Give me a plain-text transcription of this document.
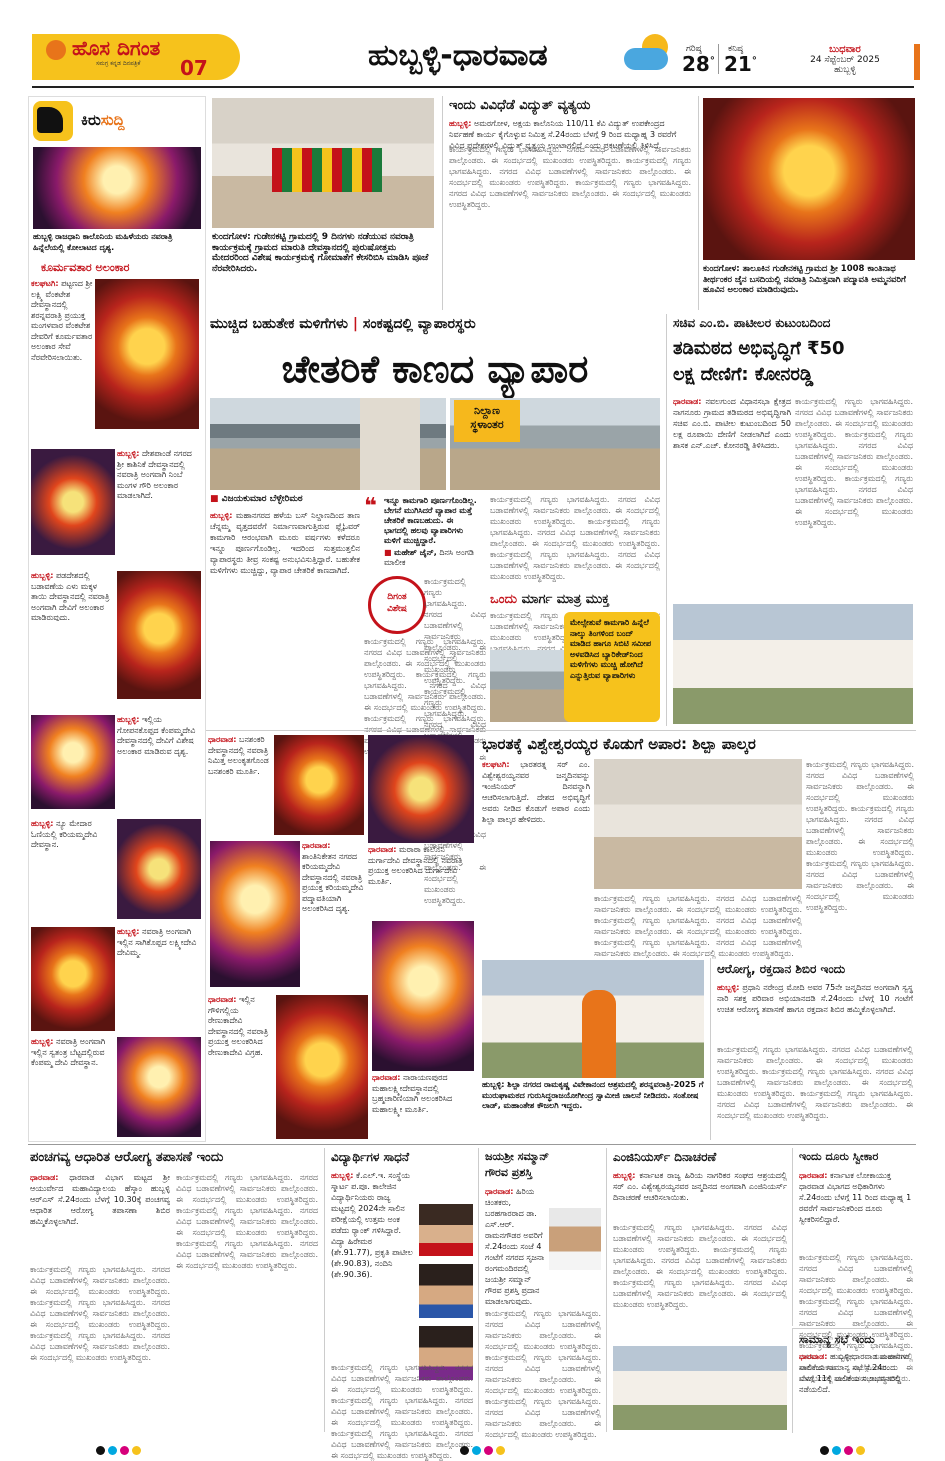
ಹೊಸ ದಿಗಂತ
ಸಮಗ್ರ ಕನ್ನಡ ದಿನಪತ್ರಿಕೆ 07	ಹುಬ್ಬಳ್ಳಿ-ಧಾರವಾಡ	ಗರಿಷ್ಠ
28°
ಕನಿಷ್ಠ
21°
ಬುಧವಾರ
24 ಸೆಪ್ಟೆಂಬರ್ 2025
ಹುಬ್ಬಳ್ಳಿ
ಕಿರುಸುದ್ದಿ
ಹುಬ್ಬಳ್ಳಿ ರಾಜಧಾನಿ ಕಾಲೊನಿಯ ಮಹಿಳೆಯರು ನವರಾತ್ರಿ ಹಿನ್ನೆಲೆಯಲ್ಲಿ ಕೋಲಾಟದ ದೃಶ್ಯ.
ಕೂರ್ಮವತಾರ ಅಲಂಕಾರ
ಕಲಘಟಗಿ: ಪಟ್ಟಣದ ಶ್ರೀ ಲಕ್ಷ್ಮಿ ವೆಂಕಟೇಶ ದೇವಸ್ಥಾನದಲ್ಲಿ ಶರನ್ನವರಾತ್ರಿ ಪ್ರಯುಕ್ತ ಮಂಗಳವಾರ ವೆಂಕಟೇಶ ದೇವರಿಗೆ ಕೂರ್ಮವತಾರ ಅಲಂಕಾರ ಸೇವೆ ನೆರವೇರಿಸಲಾಯಿತು.
ಹುಬ್ಬಳ್ಳಿ: ದೇಶಪಾಂಡೆ ನಗರದ ಶ್ರೀ ಕಾಶಿನಿಕೆ ದೇವಸ್ಥಾನದಲ್ಲಿ ನವರಾತ್ರಿ ಅಂಗವಾಗಿ ನಿಂಬೆ ಮಂಗಳ ಗೌರಿ ಅಲಂಕಾರ ಮಾಡಲಾಗಿದೆ.
ಹುಬ್ಬಳ್ಳಿ: ಪಡದೇಶದಲ್ಲಿ ಬಡಾವಣೆಯ ಎಳು ಮಕ್ಕಳ ತಾಯಿ ದೇವಸ್ಥಾನದಲ್ಲಿ ನವರಾತ್ರಿ ಅಂಗವಾಗಿ ದೇವಿಗೆ ಅಲಂಕಾರ ಮಾಡಿರುವುದು.
ಹುಬ್ಬಳ್ಳಿ: ಇಲ್ಲಿಯ ಗೋಪನಕೊಪ್ಪದ ಕೆಂಪಮ್ಮದೇವಿ ದೇವಸ್ಥಾನದಲ್ಲಿ ದೇವಿಗೆ ವಿಶೇಷ ಅಲಂಕಾರ ಮಾಡಿರುವ ದೃಶ್ಯ.
ಹುಬ್ಬಳ್ಳಿ: ನ್ಯೂ ಮೇದಾರ ಓಣಿಯಲ್ಲಿ ಕರಿಯಮ್ಮದೇವಿ ದೇವಸ್ಥಾನ.
ಹುಬ್ಬಳ್ಳಿ: ನವರಾತ್ರಿ ಅಂಗವಾಗಿ ಇಲ್ಲಿನ ಸಾಗಿಕೊಪ್ಪದ ಲಕ್ಷ್ಮೀದೇವಿ ದೇವಿಮ್ಮ.
ಹುಬ್ಬಳ್ಳಿ: ನವರಾತ್ರಿ ಅಂಗವಾಗಿ ಇಲ್ಲಿನ ಸ್ವತಂತ್ರ ಬೆಟ್ಟದಲ್ಲಿರುವ ಕೆಂಪಮ್ಮ ದೇವಿ ದೇವಸ್ಥಾನ.
ಕುಂದಗೋಳ: ಗುಡೇನಕಟ್ಟಿ ಗ್ರಾಮದಲ್ಲಿ 9 ದಿನಗಳು ನಡೆಯುವ ನವರಾತ್ರಿ ಕಾರ್ಯಕ್ರಮಕ್ಕೆ ಗ್ರಾಮದ ಮಾರುತಿ ದೇವಸ್ಥಾನದಲ್ಲಿ ಪುರುಷೋತ್ತಮ ಮೇದರರಿಂದ ವಿಶೇಷ ಕಾರ್ಯಕ್ರಮಕ್ಕೆ ಗೋಮಾತೆಗೆ ಕೇಸರಿಬಿಸಿ ಮಾಡಿಸಿ ಪೂಜೆ ನೆರವೇರಿಸಿದರು.
ಇಂದು ವಿವಿಧೆಡೆ ವಿದ್ಯುತ್ ವ್ಯತ್ಯಯ
ಹುಬ್ಬಳ್ಳಿ: ಅಮರಗೋಳ, ಅಕ್ಷಯ ಕಾಲೊನಿಯ 110/11 ಕೆವಿ ವಿದ್ಯುತ್ ಉಪಕೇಂದ್ರದ ನಿರ್ವಹಣೆ ಕಾರ್ಯ ಕೈಗೊಳ್ಳುವ ನಿಮಿತ್ತ ಸೆ.24ರಂದು ಬೆಳಗ್ಗೆ 9 ರಿಂದ ಮಧ್ಯಾಹ್ನ 3 ರವರೆಗೆ ವಿವಿಧ ಪ್ರದೇಶಗಳಲ್ಲಿ ವಿದ್ಯುತ್ ವ್ಯತ್ಯಯ ಉಂಟಾಗಲಿದೆ ಎಂದು ಪ್ರಕಟಣೆಯಲ್ಲಿ ತಿಳಿಸಿದೆ.
ಕಾರ್ಯಕ್ರಮದಲ್ಲಿ ಗಣ್ಯರು ಭಾಗವಹಿಸಿದ್ದರು. ನಗರದ ವಿವಿಧ ಬಡಾವಣೆಗಳಲ್ಲಿ ಸಾರ್ವಜನಿಕರು ಪಾಲ್ಗೊಂಡರು. ಈ ಸಂದರ್ಭದಲ್ಲಿ ಮುಖಂಡರು ಉಪಸ್ಥಿತರಿದ್ದರು. ಕಾರ್ಯಕ್ರಮದಲ್ಲಿ ಗಣ್ಯರು ಭಾಗವಹಿಸಿದ್ದರು. ನಗರದ ವಿವಿಧ ಬಡಾವಣೆಗಳಲ್ಲಿ ಸಾರ್ವಜನಿಕರು ಪಾಲ್ಗೊಂಡರು. ಈ ಸಂದರ್ಭದಲ್ಲಿ ಮುಖಂಡರು ಉಪಸ್ಥಿತರಿದ್ದರು. ಕಾರ್ಯಕ್ರಮದಲ್ಲಿ ಗಣ್ಯರು ಭಾಗವಹಿಸಿದ್ದರು. ನಗರದ ವಿವಿಧ ಬಡಾವಣೆಗಳಲ್ಲಿ ಸಾರ್ವಜನಿಕರು ಪಾಲ್ಗೊಂಡರು. ಈ ಸಂದರ್ಭದಲ್ಲಿ ಮುಖಂಡರು ಉಪಸ್ಥಿತರಿದ್ದರು.
ಕುಂದಗೋಳ: ತಾಲೂಕಿನ ಗುಡೇನಕಟ್ಟಿ ಗ್ರಾಮದ ಶ್ರೀ 1008 ಕಾಂತಿನಾಥ ತೀರ್ಥಂಕರ ಜೈನ ಬಸದಿಯಲ್ಲಿ ನವರಾತ್ರಿ ನಿಮಿತ್ತವಾಗಿ ಪದ್ಮಾವತಿ ಅಮ್ಮನವರಿಗೆ ಹೂವಿನ ಅಲಂಕಾರ ಮಾಡಿರುವುದು.
ಮುಚ್ಚಿದ ಬಹುತೇಕ ಮಳಿಗೆಗಳು | ಸಂಕಷ್ಟದಲ್ಲಿ ವ್ಯಾಪಾರಸ್ಥರು
ಚೇತರಿಕೆ ಕಾಣದ ವ್ಯಾಪಾರ
ನಿಲ್ದಾಣ
ಸ್ಥಳಾಂತರ
■ ವಿಜಯಕುಮಾರ ಬೆಳ್ಳೇರಿಮಠ
ಹುಬ್ಬಳ್ಳಿ: ಮಹಾನಗರದ ಹಳೆಯ ಬಸ್ ನಿಲ್ದಾಣದಿಂದ ತಾಣ ಚೆನ್ನಮ್ಮ ವೃತ್ತದವರೆಗೆ ನಿರ್ಮಾಣವಾಗುತ್ತಿರುವ ಫ್ಲೈಓವರ್ ಕಾಮಗಾರಿ ಆರಂಭವಾಗಿ ಮೂರು ವರ್ಷಗಳು ಕಳೆದರೂ ಇನ್ನೂ ಪೂರ್ಣಗೊಂಡಿಲ್ಲ. ಇದರಿಂದ ಸುತ್ತಮುತ್ತಲಿನ ವ್ಯಾಪಾರಸ್ಥರು ತೀವ್ರ ಸಂಕಷ್ಟ ಅನುಭವಿಸುತ್ತಿದ್ದಾರೆ. ಬಹುತೇಕ ಮಳಿಗೆಗಳು ಮುಚ್ಚಿದ್ದು, ವ್ಯಾಪಾರ ಚೇತರಿಕೆ ಕಾಣದಾಗಿದೆ.
❝ ಇನ್ನೂ ಕಾಮಗಾರಿ ಪೂರ್ಣಗೊಂಡಿಲ್ಲ. ಬೇಗನೆ ಮುಗಿಸಿದರೆ ವ್ಯಾಪಾರ ಮತ್ತೆ ಚೇತರಿಕೆ ಕಾಣಬಹುದು. ಈ ಭಾಗದಲ್ಲಿ ಹಲವು ವ್ಯಾಪಾರಿಗಳು ಮಳಿಗೆ ಮುಚ್ಚಿದ್ದಾರೆ.
■ ಮಹೇಶ್ ಜೈನ್, ದಿನಸಿ ಅಂಗಡಿ ಮಾಲೀಕ
ದಿಗಂತ
ವಿಶೇಷ
ಕಾರ್ಯಕ್ರಮದಲ್ಲಿ ಗಣ್ಯರು ಭಾಗವಹಿಸಿದ್ದರು. ನಗರದ ವಿವಿಧ ಬಡಾವಣೆಗಳಲ್ಲಿ ಸಾರ್ವಜನಿಕರು ಪಾಲ್ಗೊಂಡರು. ಈ ಸಂದರ್ಭದಲ್ಲಿ ಮುಖಂಡರು ಉಪಸ್ಥಿತರಿದ್ದರು. ಕಾರ್ಯಕ್ರಮದಲ್ಲಿ ಗಣ್ಯರು ಭಾಗವಹಿಸಿದ್ದರು. ನಗರದ ವಿವಿಧ ಬಡಾವಣೆಗಳಲ್ಲಿ ಸಾರ್ವಜನಿಕರು ಪಾಲ್ಗೊಂಡರು. ಈ ಸಂದರ್ಭದಲ್ಲಿ ಮುಖಂಡರು ಉಪಸ್ಥಿತರಿದ್ದರು. ಕಾರ್ಯಕ್ರಮದಲ್ಲಿ ಗಣ್ಯರು ಭಾಗವಹಿಸಿದ್ದರು. ನಗರದ ವಿವಿಧ ಬಡಾವಣೆಗಳಲ್ಲಿ ಸಾರ್ವಜನಿಕರು ಪಾಲ್ಗೊಂಡರು. ಈ ಸಂದರ್ಭದಲ್ಲಿ ಮುಖಂಡರು ಉಪಸ್ಥಿತರಿದ್ದರು.
ಕಾರ್ಯಕ್ರಮದಲ್ಲಿ ಗಣ್ಯರು ಭಾಗವಹಿಸಿದ್ದರು. ನಗರದ ವಿವಿಧ ಬಡಾವಣೆಗಳಲ್ಲಿ ಸಾರ್ವಜನಿಕರು ಪಾಲ್ಗೊಂಡರು. ಈ ಸಂದರ್ಭದಲ್ಲಿ ಮುಖಂಡರು ಉಪಸ್ಥಿತರಿದ್ದರು. ಕಾರ್ಯಕ್ರಮದಲ್ಲಿ ಗಣ್ಯರು ಭಾಗವಹಿಸಿದ್ದರು. ನಗರದ ವಿವಿಧ ಬಡಾವಣೆಗಳಲ್ಲಿ ಸಾರ್ವಜನಿಕರು ಪಾಲ್ಗೊಂಡರು. ಈ ಸಂದರ್ಭದಲ್ಲಿ ಮುಖಂಡರು ಉಪಸ್ಥಿತರಿದ್ದರು. ಕಾರ್ಯಕ್ರಮದಲ್ಲಿ ಗಣ್ಯರು ಭಾಗವಹಿಸಿದ್ದರು. ನಗರದ ವಿವಿಧ ಬಡಾವಣೆಗಳಲ್ಲಿ ಸಾರ್ವಜನಿಕರು ಪಾಲ್ಗೊಂಡರು. ಈ ಸಂದರ್ಭದಲ್ಲಿ ಮುಖಂಡರು ಉಪಸ್ಥಿತರಿದ್ದರು.
ಕಾರ್ಯಕ್ರಮದಲ್ಲಿ ಗಣ್ಯರು ಭಾಗವಹಿಸಿದ್ದರು. ನಗರದ ವಿವಿಧ ಬಡಾವಣೆಗಳಲ್ಲಿ ಸಾರ್ವಜನಿಕರು ಪಾಲ್ಗೊಂಡರು. ಈ ಸಂದರ್ಭದಲ್ಲಿ ಮುಖಂಡರು ಉಪಸ್ಥಿತರಿದ್ದರು. ಕಾರ್ಯಕ್ರಮದಲ್ಲಿ ಗಣ್ಯರು ಭಾಗವಹಿಸಿದ್ದರು. ನಗರದ ವಿವಿಧ ಬಡಾವಣೆಗಳಲ್ಲಿ ಸಾರ್ವಜನಿಕರು ಪಾಲ್ಗೊಂಡರು. ಈ ಸಂದರ್ಭದಲ್ಲಿ ಮುಖಂಡರು ಉಪಸ್ಥಿತರಿದ್ದರು. ಕಾರ್ಯಕ್ರಮದಲ್ಲಿ ಗಣ್ಯರು ಭಾಗವಹಿಸಿದ್ದರು. ನಗರದ ವಿವಿಧ ಬಡಾವಣೆಗಳಲ್ಲಿ ಸಾರ್ವಜನಿಕರು ಪಾಲ್ಗೊಂಡರು. ಈ ಸಂದರ್ಭದಲ್ಲಿ ಮುಖಂಡರು ಉಪಸ್ಥಿತರಿದ್ದರು.
ಒಂದು ಮಾರ್ಗ ಮಾತ್ರ ಮುಕ್ತ
ಕಾರ್ಯಕ್ರಮದಲ್ಲಿ ಗಣ್ಯರು ಭಾಗವಹಿಸಿದ್ದರು. ನಗರದ ವಿವಿಧ ಬಡಾವಣೆಗಳಲ್ಲಿ ಸಾರ್ವಜನಿಕರು ಪಾಲ್ಗೊಂಡರು. ಈ ಸಂದರ್ಭದಲ್ಲಿ ಮುಖಂಡರು ಉಪಸ್ಥಿತರಿದ್ದರು. ಕಾರ್ಯಕ್ರಮದಲ್ಲಿ ಗಣ್ಯರು ಭಾಗವಹಿಸಿದ್ದರು. ನಗರದ ವಿವಿಧ ಬಡಾವಣೆಗಳಲ್ಲಿ ಸಾರ್ವಜನಿಕರು ಪಾಲ್ಗೊಂಡರು. ಈ ಸಂದರ್ಭದಲ್ಲಿ ಮುಖಂಡರು ಉಪಸ್ಥಿತರಿದ್ದರು. ಕಾರ್ಯಕ್ರಮದಲ್ಲಿ ಗಣ್ಯರು ಭಾಗವಹಿಸಿದ್ದರು. ನಗರದ ವಿವಿಧ ಬಡಾವಣೆಗಳಲ್ಲಿ ಸಾರ್ವಜನಿಕರು ಪಾಲ್ಗೊಂಡರು. ಈ ಸಂದರ್ಭದಲ್ಲಿ ಮುಖಂಡರು ಉಪಸ್ಥಿತರಿದ್ದರು.
ಮೇಲ್ಸೇತುವೆ ಕಾಮಗಾರಿ ಹಿನ್ನೆಲೆ ನಾಲ್ಕು ತಿಂಗಳಿಂದ ಬಂದ್ ಮಾಡಿದ ಹಾಗೂ ಸಿಬಿಟಿ ಸಮೀಪ ಅಳವಡಿಸಿದ ಬ್ಯಾರಿಕೇಡ್‌ನಿಂದ ಮಳಿಗೆಗಳು ಮುಚ್ಚಿ ಹೋಗಿದೆ ಎನ್ನುತ್ತಿರುವ ವ್ಯಾಪಾರಿಗಳು
ಸಚಿವ ಎಂ.ಬಿ. ಪಾಟೀಲರ ಕುಟುಂಬದಿಂದ
ತಡಿಮಠದ ಅಭಿವೃದ್ಧಿಗೆ ₹50
ಲಕ್ಷ ದೇಣಿಗೆ: ಕೋನರಡ್ಡಿ
ಧಾರವಾಡ: ನವಲಗುಂದ ವಿಧಾನಸಭಾ ಕ್ಷೇತ್ರದ ನಾಗನೂರು ಗ್ರಾಮದ ತಡಿಮಠದ ಅಭಿವೃದ್ಧಿಗಾಗಿ ಸಚಿವ ಎಂ.ಬಿ. ಪಾಟೀಲ ಕುಟುಂಬದಿಂದ 50 ಲಕ್ಷ ರೂಪಾಯಿ ದೇಣಿಗೆ ನೀಡಲಾಗಿದೆ ಎಂದು ಶಾಸಕ ಎನ್.ಎಚ್. ಕೋನರಡ್ಡಿ ತಿಳಿಸಿದರು.
ಕಾರ್ಯಕ್ರಮದಲ್ಲಿ ಗಣ್ಯರು ಭಾಗವಹಿಸಿದ್ದರು. ನಗರದ ವಿವಿಧ ಬಡಾವಣೆಗಳಲ್ಲಿ ಸಾರ್ವಜನಿಕರು ಪಾಲ್ಗೊಂಡರು. ಈ ಸಂದರ್ಭದಲ್ಲಿ ಮುಖಂಡರು ಉಪಸ್ಥಿತರಿದ್ದರು. ಕಾರ್ಯಕ್ರಮದಲ್ಲಿ ಗಣ್ಯರು ಭಾಗವಹಿಸಿದ್ದರು. ನಗರದ ವಿವಿಧ ಬಡಾವಣೆಗಳಲ್ಲಿ ಸಾರ್ವಜನಿಕರು ಪಾಲ್ಗೊಂಡರು. ಈ ಸಂದರ್ಭದಲ್ಲಿ ಮುಖಂಡರು ಉಪಸ್ಥಿತರಿದ್ದರು. ಕಾರ್ಯಕ್ರಮದಲ್ಲಿ ಗಣ್ಯರು ಭಾಗವಹಿಸಿದ್ದರು. ನಗರದ ವಿವಿಧ ಬಡಾವಣೆಗಳಲ್ಲಿ ಸಾರ್ವಜನಿಕರು ಪಾಲ್ಗೊಂಡರು. ಈ ಸಂದರ್ಭದಲ್ಲಿ ಮುಖಂಡರು ಉಪಸ್ಥಿತರಿದ್ದರು.
ಧಾರವಾಡ: ಬನಶಂಕರಿ ದೇವಸ್ಥಾನದಲ್ಲಿ ನವರಾತ್ರಿ ನಿಮಿತ್ತ ಅಲಂಕೃತಗೊಂಡ ಬನಶಂಕರಿ ಮೂರ್ತಿ.
ಧಾರವಾಡ: ಮರಾಠಾ ಕಾಲೊನಿ ದುರ್ಗಾದೇವಿ ದೇವಸ್ಥಾನದಲ್ಲಿ ನವರಾತ್ರಿ ಪ್ರಯುಕ್ತ ಅಲಂಕರಿಸಿದ ದುರ್ಗಾದೇವಿ ಮೂರ್ತಿ.
ಧಾರವಾಡ: ಶಾಂತಿನಿಕೇತನ ನಗರದ ಕರಿಯಮ್ಮದೇವಿ ದೇವಸ್ಥಾನದಲ್ಲಿ ನವರಾತ್ರಿ ಪ್ರಯುಕ್ತ ಕರಿಯಮ್ಮದೇವಿ ಪದ್ಮಾವತಿಯಾಗಿ ಅಲಂಕರಿಸಿದ ದೃಶ್ಯ.
ಧಾರವಾಡ: ಇಲ್ಲಿನ ಗೌಳಿಗಲ್ಲಿಯ ರೇಣುಕಾದೇವಿ ದೇವಸ್ಥಾನದಲ್ಲಿ ನವರಾತ್ರಿ ಪ್ರಯುಕ್ತ ಅಲಂಕರಿಸಿದ ರೇಣುಕಾದೇವಿ ವಿಗ್ರಹ.
ಧಾರವಾಡ: ನಾರಾಯಣಪುರದ ಮಹಾಲಕ್ಷ್ಮೀದೇವಸ್ಥಾನದಲ್ಲಿ ಬ್ರಹ್ಮಚಾರಿಣಿಯಾಗಿ ಅಲಂಕರಿಸಿದ ಮಹಾಲಕ್ಷ್ಮೀ ಮೂರ್ತಿ.
ಭಾರತಕ್ಕೆ ವಿಶ್ವೇಶ್ವರಯ್ಯರ ಕೊಡುಗೆ ಅಪಾರ: ಶಿಲ್ಪಾ ಪಾಲ್ಕರ
ಕಲಘಟಗಿ: ಭಾರತರತ್ನ ಸರ್ ಎಂ. ವಿಶ್ವೇಶ್ವರಯ್ಯನವರ ಜನ್ಮದಿನವನ್ನು ಇಂಜಿನಿಯರ್ ದಿನವನ್ನಾಗಿ ಆಚರಿಸಲಾಗುತ್ತಿದೆ. ದೇಶದ ಅಭಿವೃದ್ಧಿಗೆ ಅವರು ನೀಡಿದ ಕೊಡುಗೆ ಅಪಾರ ಎಂದು ಶಿಲ್ಪಾ ಪಾಲ್ಕರ ಹೇಳಿದರು.
ಕಾರ್ಯಕ್ರಮದಲ್ಲಿ ಗಣ್ಯರು ಭಾಗವಹಿಸಿದ್ದರು. ನಗರದ ವಿವಿಧ ಬಡಾವಣೆಗಳಲ್ಲಿ ಸಾರ್ವಜನಿಕರು ಪಾಲ್ಗೊಂಡರು. ಈ ಸಂದರ್ಭದಲ್ಲಿ ಮುಖಂಡರು ಉಪಸ್ಥಿತರಿದ್ದರು. ಕಾರ್ಯಕ್ರಮದಲ್ಲಿ ಗಣ್ಯರು ಭಾಗವಹಿಸಿದ್ದರು. ನಗರದ ವಿವಿಧ ಬಡಾವಣೆಗಳಲ್ಲಿ ಸಾರ್ವಜನಿಕರು ಪಾಲ್ಗೊಂಡರು. ಈ ಸಂದರ್ಭದಲ್ಲಿ ಮುಖಂಡರು ಉಪಸ್ಥಿತರಿದ್ದರು. ಕಾರ್ಯಕ್ರಮದಲ್ಲಿ ಗಣ್ಯರು ಭಾಗವಹಿಸಿದ್ದರು. ನಗರದ ವಿವಿಧ ಬಡಾವಣೆಗಳಲ್ಲಿ ಸಾರ್ವಜನಿಕರು ಪಾಲ್ಗೊಂಡರು. ಈ ಸಂದರ್ಭದಲ್ಲಿ ಮುಖಂಡರು ಉಪಸ್ಥಿತರಿದ್ದರು.
ಕಾರ್ಯಕ್ರಮದಲ್ಲಿ ಗಣ್ಯರು ಭಾಗವಹಿಸಿದ್ದರು. ನಗರದ ವಿವಿಧ ಬಡಾವಣೆಗಳಲ್ಲಿ ಸಾರ್ವಜನಿಕರು ಪಾಲ್ಗೊಂಡರು. ಈ ಸಂದರ್ಭದಲ್ಲಿ ಮುಖಂಡರು ಉಪಸ್ಥಿತರಿದ್ದರು. ಕಾರ್ಯಕ್ರಮದಲ್ಲಿ ಗಣ್ಯರು ಭಾಗವಹಿಸಿದ್ದರು. ನಗರದ ವಿವಿಧ ಬಡಾವಣೆಗಳಲ್ಲಿ ಸಾರ್ವಜನಿಕರು ಪಾಲ್ಗೊಂಡರು. ಈ ಸಂದರ್ಭದಲ್ಲಿ ಮುಖಂಡರು ಉಪಸ್ಥಿತರಿದ್ದರು. ಕಾರ್ಯಕ್ರಮದಲ್ಲಿ ಗಣ್ಯರು ಭಾಗವಹಿಸಿದ್ದರು. ನಗರದ ವಿವಿಧ ಬಡಾವಣೆಗಳಲ್ಲಿ ಸಾರ್ವಜನಿಕರು ಪಾಲ್ಗೊಂಡರು. ಈ ಸಂದರ್ಭದಲ್ಲಿ ಮುಖಂಡರು ಉಪಸ್ಥಿತರಿದ್ದರು.
ಹುಬ್ಬಳ್ಳಿ: ಶಿಲ್ಪಾ ನಗರದ ರಾಮಕೃಷ್ಣ ವಿವೇಕಾನಂದ ಆಶ್ರಮದಲ್ಲಿ ಶರನ್ನವರಾತ್ರಿ-2025 ಗೆ ಮುರುಘಾಮಠದ ಗುರುಸಿದ್ಧರಾಜಯೋಗೀಂದ್ರ ಸ್ವಾಮೀಜಿ ಚಾಲನೆ ನೀಡಿದರು. ಸಂತೋಷ ಲಾಡ್, ಮಹಾಂತೇಶ ಕೌಜಲಗಿ ಇದ್ದರು.
ಆರೋಗ್ಯ, ರಕ್ತದಾನ ಶಿಬಿರ ಇಂದು
ಹುಬ್ಬಳ್ಳಿ: ಪ್ರಧಾನಿ ನರೇಂದ್ರ ಮೋದಿ ಅವರ 75ನೇ ಜನ್ಮದಿನದ ಅಂಗವಾಗಿ ಸ್ವಸ್ಥ ನಾರಿ ಸಶಕ್ತ ಪರಿವಾರ ಅಭಿಯಾನದಡಿ ಸೆ.24ರಂದು ಬೆಳಗ್ಗೆ 10 ಗಂಟೆಗೆ ಉಚಿತ ಆರೋಗ್ಯ ತಪಾಸಣೆ ಹಾಗೂ ರಕ್ತದಾನ ಶಿಬಿರ ಹಮ್ಮಿಕೊಳ್ಳಲಾಗಿದೆ.
ಕಾರ್ಯಕ್ರಮದಲ್ಲಿ ಗಣ್ಯರು ಭಾಗವಹಿಸಿದ್ದರು. ನಗರದ ವಿವಿಧ ಬಡಾವಣೆಗಳಲ್ಲಿ ಸಾರ್ವಜನಿಕರು ಪಾಲ್ಗೊಂಡರು. ಈ ಸಂದರ್ಭದಲ್ಲಿ ಮುಖಂಡರು ಉಪಸ್ಥಿತರಿದ್ದರು. ಕಾರ್ಯಕ್ರಮದಲ್ಲಿ ಗಣ್ಯರು ಭಾಗವಹಿಸಿದ್ದರು. ನಗರದ ವಿವಿಧ ಬಡಾವಣೆಗಳಲ್ಲಿ ಸಾರ್ವಜನಿಕರು ಪಾಲ್ಗೊಂಡರು. ಈ ಸಂದರ್ಭದಲ್ಲಿ ಮುಖಂಡರು ಉಪಸ್ಥಿತರಿದ್ದರು. ಕಾರ್ಯಕ್ರಮದಲ್ಲಿ ಗಣ್ಯರು ಭಾಗವಹಿಸಿದ್ದರು. ನಗರದ ವಿವಿಧ ಬಡಾವಣೆಗಳಲ್ಲಿ ಸಾರ್ವಜನಿಕರು ಪಾಲ್ಗೊಂಡರು. ಈ ಸಂದರ್ಭದಲ್ಲಿ ಮುಖಂಡರು ಉಪಸ್ಥಿತರಿದ್ದರು.
ಪಂಚಗವ್ಯ ಆಧಾರಿತ ಆರೋಗ್ಯ ತಪಾಸಣೆ ಇಂದು
ಧಾರವಾಡ: ಧಾರವಾಡ ವಿಭಾಗ ಮಟ್ಟದ ಶ್ರೀ ಆಯುರ್ವೇದ ಮಹಾವಿದ್ಯಾಲಯ ಹೆಸ್ಕಾಂ ಹುಬ್ಬಳ್ಳಿ ಆರ್‌ಎಸ್ ಸೆ.24ರಂದು ಬೆಳಗ್ಗೆ 10.30ಕ್ಕೆ ಪಂಚಗವ್ಯ ಆಧಾರಿತ ಆರೋಗ್ಯ ತಪಾಸಣಾ ಶಿಬಿರ ಹಮ್ಮಿಕೊಳ್ಳಲಾಗಿದೆ.
ಕಾರ್ಯಕ್ರಮದಲ್ಲಿ ಗಣ್ಯರು ಭಾಗವಹಿಸಿದ್ದರು. ನಗರದ ವಿವಿಧ ಬಡಾವಣೆಗಳಲ್ಲಿ ಸಾರ್ವಜನಿಕರು ಪಾಲ್ಗೊಂಡರು. ಈ ಸಂದರ್ಭದಲ್ಲಿ ಮುಖಂಡರು ಉಪಸ್ಥಿತರಿದ್ದರು. ಕಾರ್ಯಕ್ರಮದಲ್ಲಿ ಗಣ್ಯರು ಭಾಗವಹಿಸಿದ್ದರು. ನಗರದ ವಿವಿಧ ಬಡಾವಣೆಗಳಲ್ಲಿ ಸಾರ್ವಜನಿಕರು ಪಾಲ್ಗೊಂಡರು. ಈ ಸಂದರ್ಭದಲ್ಲಿ ಮುಖಂಡರು ಉಪಸ್ಥಿತರಿದ್ದರು. ಕಾರ್ಯಕ್ರಮದಲ್ಲಿ ಗಣ್ಯರು ಭಾಗವಹಿಸಿದ್ದರು. ನಗರದ ವಿವಿಧ ಬಡಾವಣೆಗಳಲ್ಲಿ ಸಾರ್ವಜನಿಕರು ಪಾಲ್ಗೊಂಡರು. ಈ ಸಂದರ್ಭದಲ್ಲಿ ಮುಖಂಡರು ಉಪಸ್ಥಿತರಿದ್ದರು.
ಕಾರ್ಯಕ್ರಮದಲ್ಲಿ ಗಣ್ಯರು ಭಾಗವಹಿಸಿದ್ದರು. ನಗರದ ವಿವಿಧ ಬಡಾವಣೆಗಳಲ್ಲಿ ಸಾರ್ವಜನಿಕರು ಪಾಲ್ಗೊಂಡರು. ಈ ಸಂದರ್ಭದಲ್ಲಿ ಮುಖಂಡರು ಉಪಸ್ಥಿತರಿದ್ದರು. ಕಾರ್ಯಕ್ರಮದಲ್ಲಿ ಗಣ್ಯರು ಭಾಗವಹಿಸಿದ್ದರು. ನಗರದ ವಿವಿಧ ಬಡಾವಣೆಗಳಲ್ಲಿ ಸಾರ್ವಜನಿಕರು ಪಾಲ್ಗೊಂಡರು. ಈ ಸಂದರ್ಭದಲ್ಲಿ ಮುಖಂಡರು ಉಪಸ್ಥಿತರಿದ್ದರು. ಕಾರ್ಯಕ್ರಮದಲ್ಲಿ ಗಣ್ಯರು ಭಾಗವಹಿಸಿದ್ದರು. ನಗರದ ವಿವಿಧ ಬಡಾವಣೆಗಳಲ್ಲಿ ಸಾರ್ವಜನಿಕರು ಪಾಲ್ಗೊಂಡರು. ಈ ಸಂದರ್ಭದಲ್ಲಿ ಮುಖಂಡರು ಉಪಸ್ಥಿತರಿದ್ದರು.
ವಿದ್ಯಾರ್ಥಿಗಳ ಸಾಧನೆ
ಹುಬ್ಬಳ್ಳಿ: ಕೆ.ಎಲ್.ಇ. ಸಂಸ್ಥೆಯ ಸ್ಮಾರ್ಟ ಪ.ಪೂ. ಕಾಲೇಜಿನ ವಿದ್ಯಾರ್ಥಿನಿಯರು ರಾಜ್ಯ ಮಟ್ಟದಲ್ಲಿ 2024ನೇ ಸಾಲಿನ ಪರೀಕ್ಷೆಯಲ್ಲಿ ಉತ್ತಮ ಅಂಕ ಪಡೆದು ರ್‍ಯಾಂಕ್ ಗಳಿಸಿದ್ದಾರೆ. ವಿದ್ಯಾ ಹಿರೇಮಠ (ಶೇ.91.77), ಪ್ರಕೃತಿ ಪಾಟೀಲ (ಶೇ.90.83), ನಂದಿನಿ (ಶೇ.90.36).
ಕಾರ್ಯಕ್ರಮದಲ್ಲಿ ಗಣ್ಯರು ಭಾಗವಹಿಸಿದ್ದರು. ನಗರದ ವಿವಿಧ ಬಡಾವಣೆಗಳಲ್ಲಿ ಸಾರ್ವಜನಿಕರು ಪಾಲ್ಗೊಂಡರು. ಈ ಸಂದರ್ಭದಲ್ಲಿ ಮುಖಂಡರು ಉಪಸ್ಥಿತರಿದ್ದರು. ಕಾರ್ಯಕ್ರಮದಲ್ಲಿ ಗಣ್ಯರು ಭಾಗವಹಿಸಿದ್ದರು. ನಗರದ ವಿವಿಧ ಬಡಾವಣೆಗಳಲ್ಲಿ ಸಾರ್ವಜನಿಕರು ಪಾಲ್ಗೊಂಡರು. ಈ ಸಂದರ್ಭದಲ್ಲಿ ಮುಖಂಡರು ಉಪಸ್ಥಿತರಿದ್ದರು. ಕಾರ್ಯಕ್ರಮದಲ್ಲಿ ಗಣ್ಯರು ಭಾಗವಹಿಸಿದ್ದರು. ನಗರದ ವಿವಿಧ ಬಡಾವಣೆಗಳಲ್ಲಿ ಸಾರ್ವಜನಿಕರು ಪಾಲ್ಗೊಂಡರು. ಈ ಸಂದರ್ಭದಲ್ಲಿ ಮುಖಂಡರು ಉಪಸ್ಥಿತರಿದ್ದರು.
ಜಯಶ್ರೀ ಸಮ್ಮಾನ್
ಗೌರವ ಪ್ರಶಸ್ತಿ
ಧಾರವಾಡ: ಹಿರಿಯ ಚಿಂತಕರು, ಬರಹಗಾರರಾದ ಡಾ. ಎಸ್.ಆರ್. ರಾಮನಗೌಡರ ಅವರಿಗೆ ಸೆ.24ರಂದು ಸಂಜೆ 4 ಗಂಟೆಗೆ ನಗರದ ಸೃಜನಾ ರಂಗಮಂದಿರದಲ್ಲಿ ಜಯಶ್ರೀ ಸಮ್ಮಾನ್ ಗೌರವ ಪ್ರಶಸ್ತಿ ಪ್ರದಾನ ಮಾಡಲಾಗುವುದು.
ಕಾರ್ಯಕ್ರಮದಲ್ಲಿ ಗಣ್ಯರು ಭಾಗವಹಿಸಿದ್ದರು. ನಗರದ ವಿವಿಧ ಬಡಾವಣೆಗಳಲ್ಲಿ ಸಾರ್ವಜನಿಕರು ಪಾಲ್ಗೊಂಡರು. ಈ ಸಂದರ್ಭದಲ್ಲಿ ಮುಖಂಡರು ಉಪಸ್ಥಿತರಿದ್ದರು. ಕಾರ್ಯಕ್ರಮದಲ್ಲಿ ಗಣ್ಯರು ಭಾಗವಹಿಸಿದ್ದರು. ನಗರದ ವಿವಿಧ ಬಡಾವಣೆಗಳಲ್ಲಿ ಸಾರ್ವಜನಿಕರು ಪಾಲ್ಗೊಂಡರು. ಈ ಸಂದರ್ಭದಲ್ಲಿ ಮುಖಂಡರು ಉಪಸ್ಥಿತರಿದ್ದರು. ಕಾರ್ಯಕ್ರಮದಲ್ಲಿ ಗಣ್ಯರು ಭಾಗವಹಿಸಿದ್ದರು. ನಗರದ ವಿವಿಧ ಬಡಾವಣೆಗಳಲ್ಲಿ ಸಾರ್ವಜನಿಕರು ಪಾಲ್ಗೊಂಡರು. ಈ ಸಂದರ್ಭದಲ್ಲಿ ಮುಖಂಡರು ಉಪಸ್ಥಿತರಿದ್ದರು.
ಎಂಜಿನಿಯರ್ಸ್ ದಿನಾಚರಣೆ
ಹುಬ್ಬಳ್ಳಿ: ಕರ್ನಾಟಕ ರಾಜ್ಯ ಹಿರಿಯ ನಾಗರಿಕರ ಸಂಘದ ಆಶ್ರಯದಲ್ಲಿ ಸರ್ ಎಂ. ವಿಶ್ವೇಶ್ವರಯ್ಯನವರ ಜನ್ಮದಿನದ ಅಂಗವಾಗಿ ಎಂಜಿನಿಯರ್ಸ್ ದಿನಾಚರಣೆ ಆಚರಿಸಲಾಯಿತು.
ಕಾರ್ಯಕ್ರಮದಲ್ಲಿ ಗಣ್ಯರು ಭಾಗವಹಿಸಿದ್ದರು. ನಗರದ ವಿವಿಧ ಬಡಾವಣೆಗಳಲ್ಲಿ ಸಾರ್ವಜನಿಕರು ಪಾಲ್ಗೊಂಡರು. ಈ ಸಂದರ್ಭದಲ್ಲಿ ಮುಖಂಡರು ಉಪಸ್ಥಿತರಿದ್ದರು. ಕಾರ್ಯಕ್ರಮದಲ್ಲಿ ಗಣ್ಯರು ಭಾಗವಹಿಸಿದ್ದರು. ನಗರದ ವಿವಿಧ ಬಡಾವಣೆಗಳಲ್ಲಿ ಸಾರ್ವಜನಿಕರು ಪಾಲ್ಗೊಂಡರು. ಈ ಸಂದರ್ಭದಲ್ಲಿ ಮುಖಂಡರು ಉಪಸ್ಥಿತರಿದ್ದರು. ಕಾರ್ಯಕ್ರಮದಲ್ಲಿ ಗಣ್ಯರು ಭಾಗವಹಿಸಿದ್ದರು. ನಗರದ ವಿವಿಧ ಬಡಾವಣೆಗಳಲ್ಲಿ ಸಾರ್ವಜನಿಕರು ಪಾಲ್ಗೊಂಡರು. ಈ ಸಂದರ್ಭದಲ್ಲಿ ಮುಖಂಡರು ಉಪಸ್ಥಿತರಿದ್ದರು.
ಇಂದು ದೂರು ಸ್ವೀಕಾರ
ಧಾರವಾಡ: ಕರ್ನಾಟಕ ಲೋಕಾಯುಕ್ತ ಧಾರವಾಡ ವಿಭಾಗದ ಅಧಿಕಾರಿಗಳು ಸೆ.24ರಂದು ಬೆಳಗ್ಗೆ 11 ರಿಂದ ಮಧ್ಯಾಹ್ನ 1 ರವರೆಗೆ ಸಾರ್ವಜನಿಕರಿಂದ ದೂರು ಸ್ವೀಕರಿಸಲಿದ್ದಾರೆ.
ಕಾರ್ಯಕ್ರಮದಲ್ಲಿ ಗಣ್ಯರು ಭಾಗವಹಿಸಿದ್ದರು. ನಗರದ ವಿವಿಧ ಬಡಾವಣೆಗಳಲ್ಲಿ ಸಾರ್ವಜನಿಕರು ಪಾಲ್ಗೊಂಡರು. ಈ ಸಂದರ್ಭದಲ್ಲಿ ಮುಖಂಡರು ಉಪಸ್ಥಿತರಿದ್ದರು. ಕಾರ್ಯಕ್ರಮದಲ್ಲಿ ಗಣ್ಯರು ಭಾಗವಹಿಸಿದ್ದರು. ನಗರದ ವಿವಿಧ ಬಡಾವಣೆಗಳಲ್ಲಿ ಸಾರ್ವಜನಿಕರು ಪಾಲ್ಗೊಂಡರು. ಈ ಸಂದರ್ಭದಲ್ಲಿ ಮುಖಂಡರು ಉಪಸ್ಥಿತರಿದ್ದರು. ಕಾರ್ಯಕ್ರಮದಲ್ಲಿ ಗಣ್ಯರು ಭಾಗವಹಿಸಿದ್ದರು. ನಗರದ ವಿವಿಧ ಬಡಾವಣೆಗಳಲ್ಲಿ ಸಾರ್ವಜನಿಕರು ಪಾಲ್ಗೊಂಡರು. ಈ ಸಂದರ್ಭದಲ್ಲಿ ಮುಖಂಡರು ಉಪಸ್ಥಿತರಿದ್ದರು.
ಸಾಮಾನ್ಯ ಸಭೆ ಇಂದು
ಧಾರವಾಡ: ಹುಬ್ಬಳ್ಳಿ-ಧಾರವಾಡ ಮಹಾನಗರ ಪಾಲಿಕೆಯ ಸಾಮಾನ್ಯ ಸಭೆ ಸೆ.24ರಂದು ಬೆಳಗ್ಗೆ 11ಕ್ಕೆ ಪಾಲಿಕೆಯ ಸಭಾಭವನದಲ್ಲಿ ನಡೆಯಲಿದೆ.
